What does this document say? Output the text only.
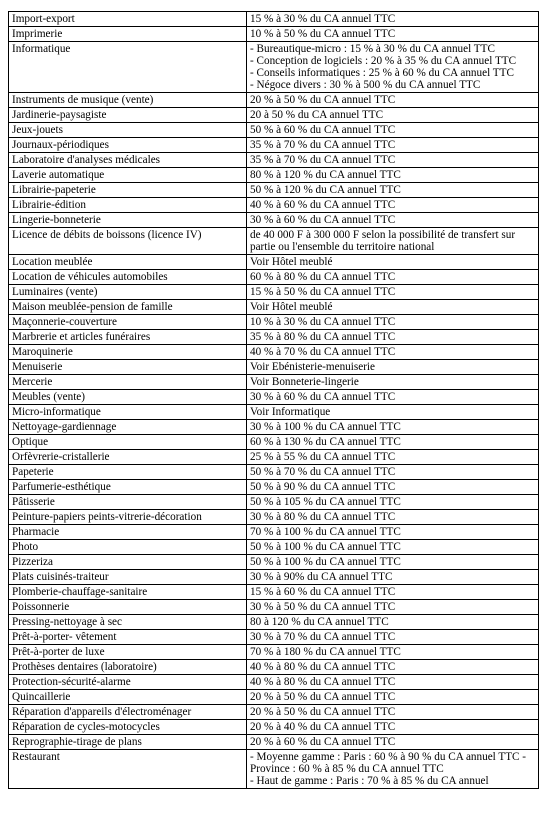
Import-export	15 % à 30 % du CA annuel TTC

Imprimerie	10 % à 50 % du CA annuel TTC

Informatique	- Bureautique-micro : 15 % à 30 % du CA annuel TTC
- Conception de logiciels : 20 % à 35 % du CA annuel TTC
- Conseils informatiques : 25 % à 60 % du CA annuel TTC
- Négoce divers : 30 % à 500 % du CA annuel TTC

Instruments de musique (vente)	20 % à 50 % du CA annuel TTC

Jardinerie-paysagiste	20 à 50 % du CA annuel TTC

Jeux-jouets	50 % à 60 % du CA annuel TTC

Journaux-périodiques	35 % à 70 % du CA annuel TTC

Laboratoire d'analyses médicales	35 % à 70 % du CA annuel TTC

Laverie automatique	80 % à 120 % du CA annuel TTC

Librairie-papeterie	50 % à 120 % du CA annuel TTC

Librairie-édition	40 % à 60 % du CA annuel TTC

Lingerie-bonneterie	30 % à 60 % du CA annuel TTC

Licence de débits de boissons (licence IV)	de 40 000 F à 300 000 F selon la possibilité de transfert sur partie ou l'ensemble du territoire national

Location meublée	Voir Hôtel meublé

Location de véhicules automobiles	60 % à 80 % du CA annuel TTC

Luminaires (vente)	15 % à 50 % du CA annuel TTC

Maison meublée-pension de famille	Voir Hôtel meublé

Maçonnerie-couverture	10 % à 30 % du CA annuel TTC

Marbrerie et articles funéraires	35 % à 80 % du CA annuel TTC

Maroquinerie	40 % à 70 % du CA annuel TTC

Menuiserie	Voir Ebénisterie-menuiserie

Mercerie	Voir Bonneterie-lingerie

Meubles (vente)	30 % à 60 % du CA annuel TTC

Micro-informatique	Voir Informatique

Nettoyage-gardiennage	30 % à 100 % du CA annuel TTC

Optique	60 % à 130 % du CA annuel TTC

Orfèvrerie-cristallerie	25 % à 55 % du CA annuel TTC

Papeterie	50 % à 70 % du CA annuel TTC

Parfumerie-esthétique	50 % à 90 % du CA annuel TTC

Pâtisserie	50 % à 105 % du CA annuel TTC

Peinture-papiers peints-vitrerie-décoration	30 % à 80 % du CA annuel TTC

Pharmacie	70 % à 100 % du CA annuel TTC

Photo	50 % à 100 % du CA annuel TTC

Pizzeriza	50 % à 100 % du CA annuel TTC

Plats cuisinés-traiteur	30 % à 90% du CA annuel TTC

Plomberie-chauffage-sanitaire	15 % à 60 % du CA annuel TTC

Poissonnerie	30 % à 50 % du CA annuel TTC

Pressing-nettoyage à sec	80 à 120 % du CA annuel TTC

Prêt-à-porter- vêtement	30 % à 70 % du CA annuel TTC

Prêt-à-porter de luxe	70 % à 180 % du CA annuel TTC

Prothèses dentaires (laboratoire)	40 % à 80 % du CA annuel TTC

Protection-sécurité-alarme	40 % à 80 % du CA annuel TTC

Quincaillerie	20 % à 50 % du CA annuel TTC

Réparation d'appareils d'électroménager	20 % à 50 % du CA annuel TTC

Réparation de cycles-motocycles	20 % à 40 % du CA annuel TTC

Reprographie-tirage de plans	20 % à 60 % du CA annuel TTC

Restaurant	- Moyenne gamme : Paris : 60 % à 90 % du CA annuel TTC - Province : 60 % à 85 % du CA annuel TTC
- Haut de gamme : Paris : 70 % à 85 % du CA annuel
